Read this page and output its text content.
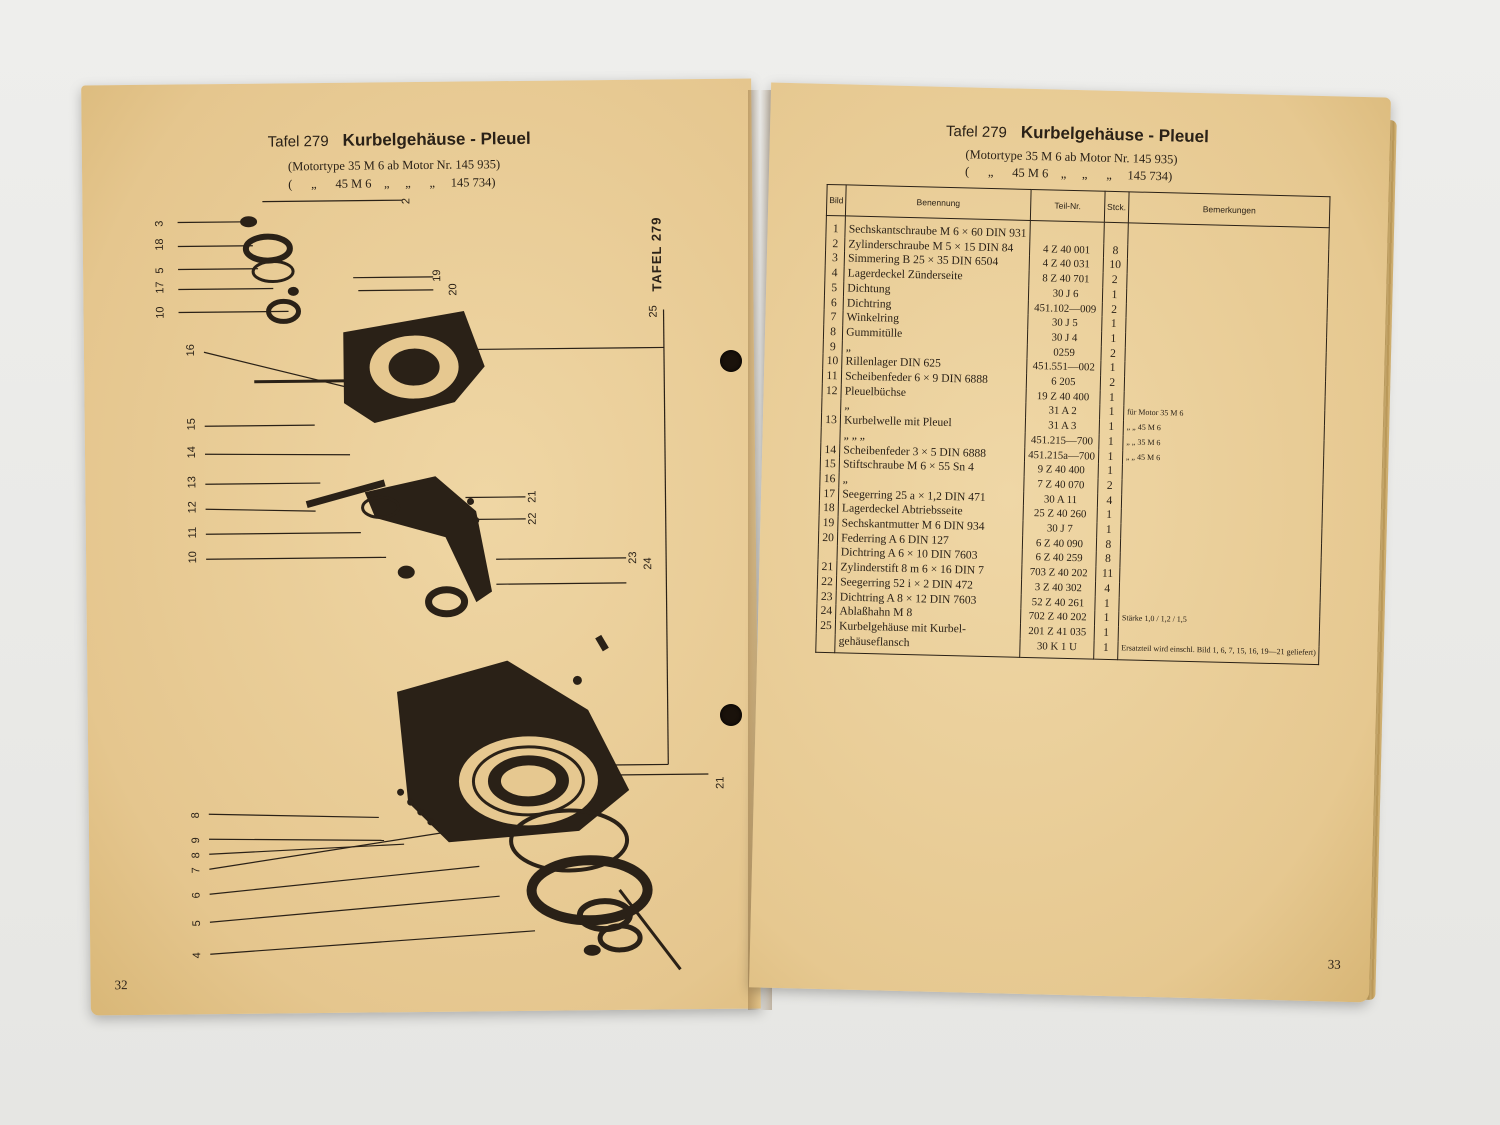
Tafel 279 Kurbelgehäuse - Pleuel
(Motortype 35 M 6 ab Motor Nr. 145 935)
(      „      45 M 6    „     „      „     145 734)
TAFEL 279
3
18
5
17
10
16
15
14
13
12
11
10
8
9
8
7
6
5
4
2
19
20
21
22
23 24
25
21
32
Tafel 279 Kurbelgehäuse - Pleuel
(Motortype 35 M 6 ab Motor Nr. 145 935)
(      „      45 M 6    „     „      „     145 734)
Bild	Benennung	Teil-Nr.	Stck.	Bemerkungen
1	Sechskantschraube M 6 × 60 DIN 931			
2	Zylinderschraube M 5 × 15 DIN 84	4 Z 40 001	8	
3	Simmering B 25 × 35 DIN 6504	4 Z 40 031	10	
4	Lagerdeckel Zünderseite	8 Z 40 701	2	
5	Dichtung	30 J 6	1	
6	Dichtring	451.102—009	2	
7	Winkelring	30 J 5	1	
8	Gummitülle	30 J 4	1	
9	„	0259	2	
10	Rillenlager DIN 625	451.551—002	1	
11	Scheibenfeder 6 × 9 DIN 6888	6 205	2	
12	Pleuelbüchse	19 Z 40 400	1	
	„	31 A 2	1	für Motor 35 M 6
13	Kurbelwelle mit Pleuel	31 A 3	1	„ „ 45 M 6
	„ „ „	451.215—700	1	„ „ 35 M 6
14	Scheibenfeder 3 × 5 DIN 6888	451.215a—700	1	„ „ 45 M 6
15	Stiftschraube M 6 × 55 Sn 4	9 Z 40 400	1	
16	„	7 Z 40 070	2	
17	Seegerring 25 a × 1,2 DIN 471	30 A 11	4	
18	Lagerdeckel Abtriebsseite	25 Z 40 260	1	
19	Sechskantmutter M 6 DIN 934	30 J 7	1	
20	Federring A 6 DIN 127	6 Z 40 090	8	
	Dichtring A 6 × 10 DIN 7603	6 Z 40 259	8	
21	Zylinderstift 8 m 6 × 16 DIN 7	703 Z 40 202	11	
22	Seegerring 52 i × 2 DIN 472	3 Z 40 302	4	
23	Dichtring A 8 × 12 DIN 7603	52 Z 40 261	1	
24	Ablaßhahn M 8	702 Z 40 202	1	Stärke 1,0 / 1,2 / 1,5
25	Kurbelgehäuse mit Kurbel-	201 Z 41 035	1	
	gehäuseflansch	30 K 1 U	1	Ersatzteil wird einschl. Bild 1, 6, 7, 15, 16, 19—21 geliefert)
33
